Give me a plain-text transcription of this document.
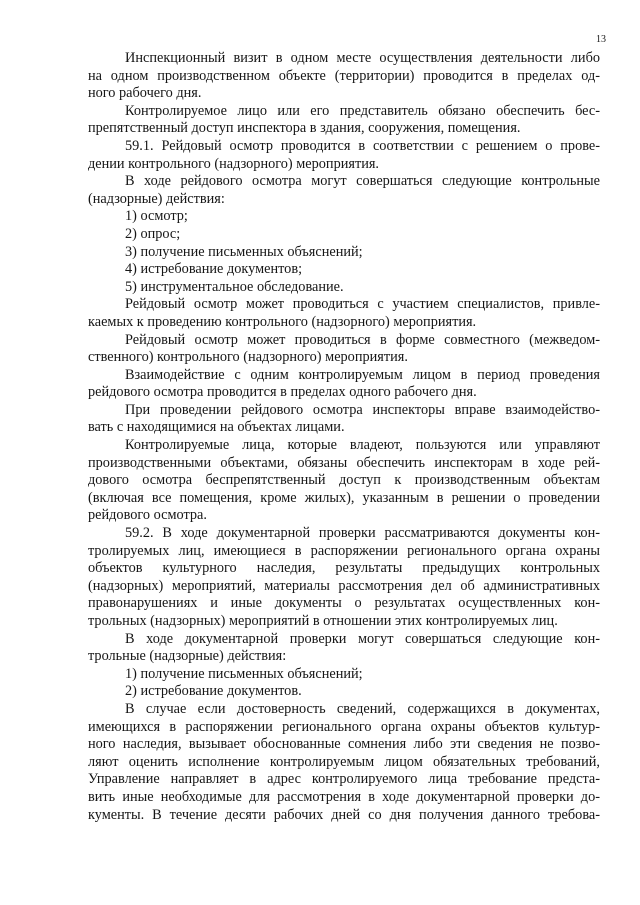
13

Инспекционный визит в одном месте осуществления деятельности либо
на одном производственном объекте (территории) проводится в пределах од-
ного рабочего дня.

Контролируемое лицо или его представитель обязано обеспечить бес-
препятственный доступ инспектора в здания, сооружения, помещения.

59.1. Рейдовый осмотр проводится в соответствии с решением о прове-
дении контрольного (надзорного) мероприятия.

В ходе рейдового осмотра могут совершаться следующие контрольные
(надзорные) действия:

1) осмотр;

2) опрос;

3) получение письменных объяснений;

4) истребование документов;

5) инструментальное обследование.

Рейдовый осмотр может проводиться с участием специалистов, привле-
каемых к проведению контрольного (надзорного) мероприятия.

Рейдовый осмотр может проводиться в форме совместного (межведом-
ственного) контрольного (надзорного) мероприятия.

Взаимодействие с одним контролируемым лицом в период проведения
рейдового осмотра проводится в пределах одного рабочего дня.

При проведении рейдового осмотра инспекторы вправе взаимодейство-
вать с находящимися на объектах лицами.

Контролируемые лица, которые владеют, пользуются или управляют
производственными объектами, обязаны обеспечить инспекторам в ходе рей-
дового осмотра беспрепятственный доступ к производственным объектам
(включая все помещения, кроме жилых), указанным в решении о проведении
рейдового осмотра.

59.2. В ходе документарной проверки рассматриваются документы кон-
тролируемых лиц, имеющиеся в распоряжении регионального органа охраны
объектов культурного наследия, результаты предыдущих контрольных
(надзорных) мероприятий, материалы рассмотрения дел об административных
правонарушениях и иные документы о результатах осуществленных кон-
трольных (надзорных) мероприятий в отношении этих контролируемых лиц.

В ходе документарной проверки могут совершаться следующие кон-
трольные (надзорные) действия:

1) получение письменных объяснений;

2) истребование документов.

В случае если достоверность сведений, содержащихся в документах,
имеющихся в распоряжении регионального органа охраны объектов культур-
ного наследия, вызывает обоснованные сомнения либо эти сведения не позво-
ляют оценить исполнение контролируемым лицом обязательных требований,
Управление направляет в адрес контролируемого лица требование предста-
вить иные необходимые для рассмотрения в ходе документарной проверки до-
кументы. В течение десяти рабочих дней со дня получения данного требова-
